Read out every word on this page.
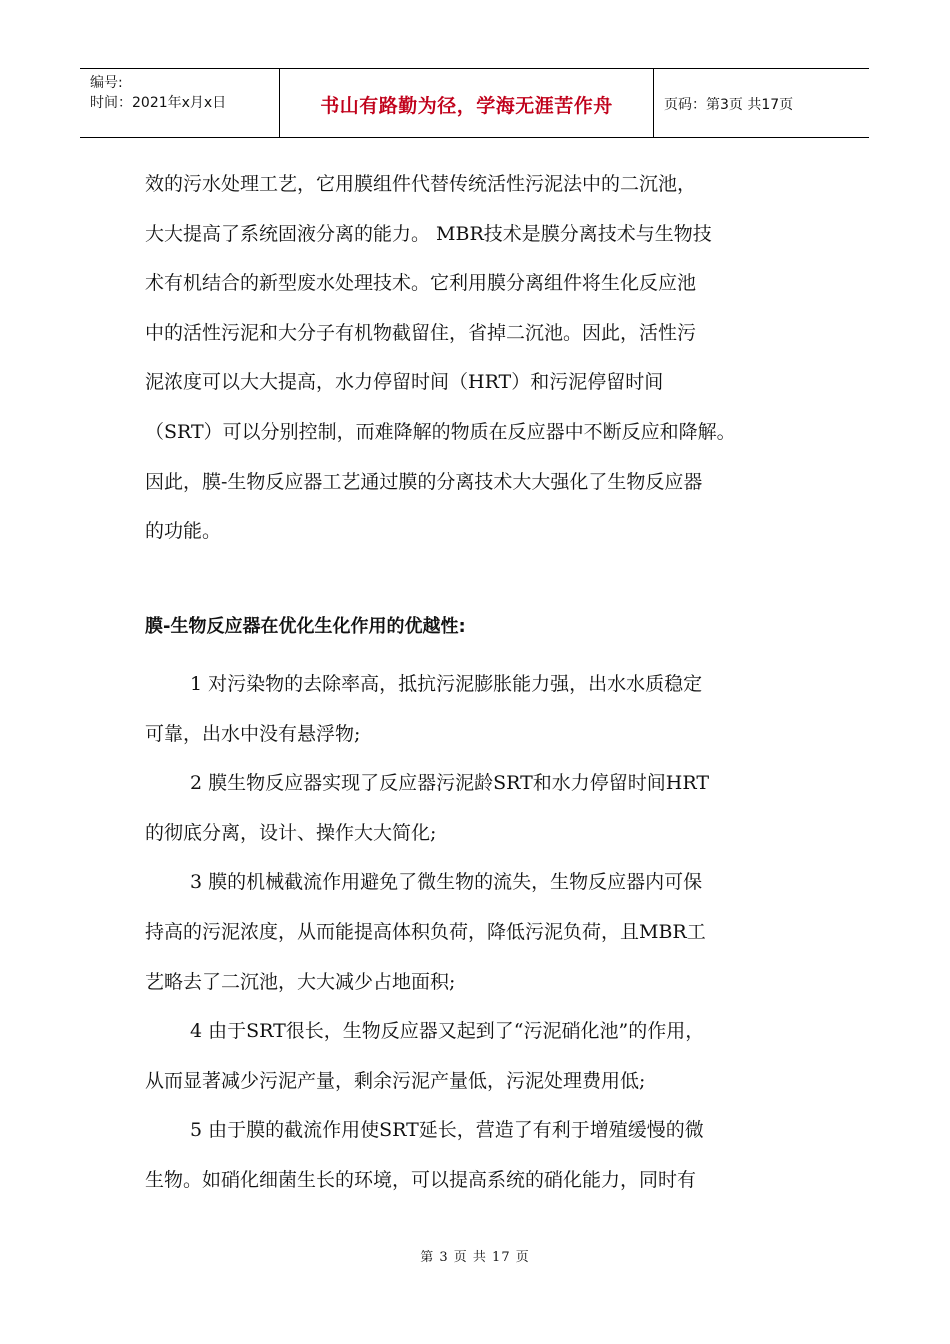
编号:
时间：2021年x月x日	书山有路勤为径，学海无涯苦作舟	页码：第3页 共17页

效的污水处理工艺，它用膜组件代替传统活性污泥法中的二沉池，

大大提高了系统固液分离的能力。 MBR技术是膜分离技术与生物技

术有机结合的新型废水处理技术。它利用膜分离组件将生化反应池

中的活性污泥和大分子有机物截留住，省掉二沉池。因此，活性污

泥浓度可以大大提高，水力停留时间（HRT）和污泥停留时间

（SRT）可以分别控制，而难降解的物质在反应器中不断反应和降解。

因此，膜-生物反应器工艺通过膜的分离技术大大强化了生物反应器

的功能。

膜-生物反应器在优化生化作用的优越性:
1 对污染物的去除率高，抵抗污泥膨胀能力强，出水水质稳定
可靠，出水中没有悬浮物;
2 膜生物反应器实现了反应器污泥龄SRT和水力停留时间HRT
的彻底分离，设计、操作大大简化;
3 膜的机械截流作用避免了微生物的流失，生物反应器内可保
持高的污泥浓度，从而能提高体积负荷，降低污泥负荷，且MBR工
艺略去了二沉池，大大减少占地面积;
4 由于SRT很长，生物反应器又起到了“污泥硝化池”的作用，
从而显著减少污泥产量，剩余污泥产量低，污泥处理费用低;
5 由于膜的截流作用使SRT延长，营造了有利于增殖缓慢的微
生物。如硝化细菌生长的环境，可以提高系统的硝化能力，同时有
第 3 页 共 17 页
